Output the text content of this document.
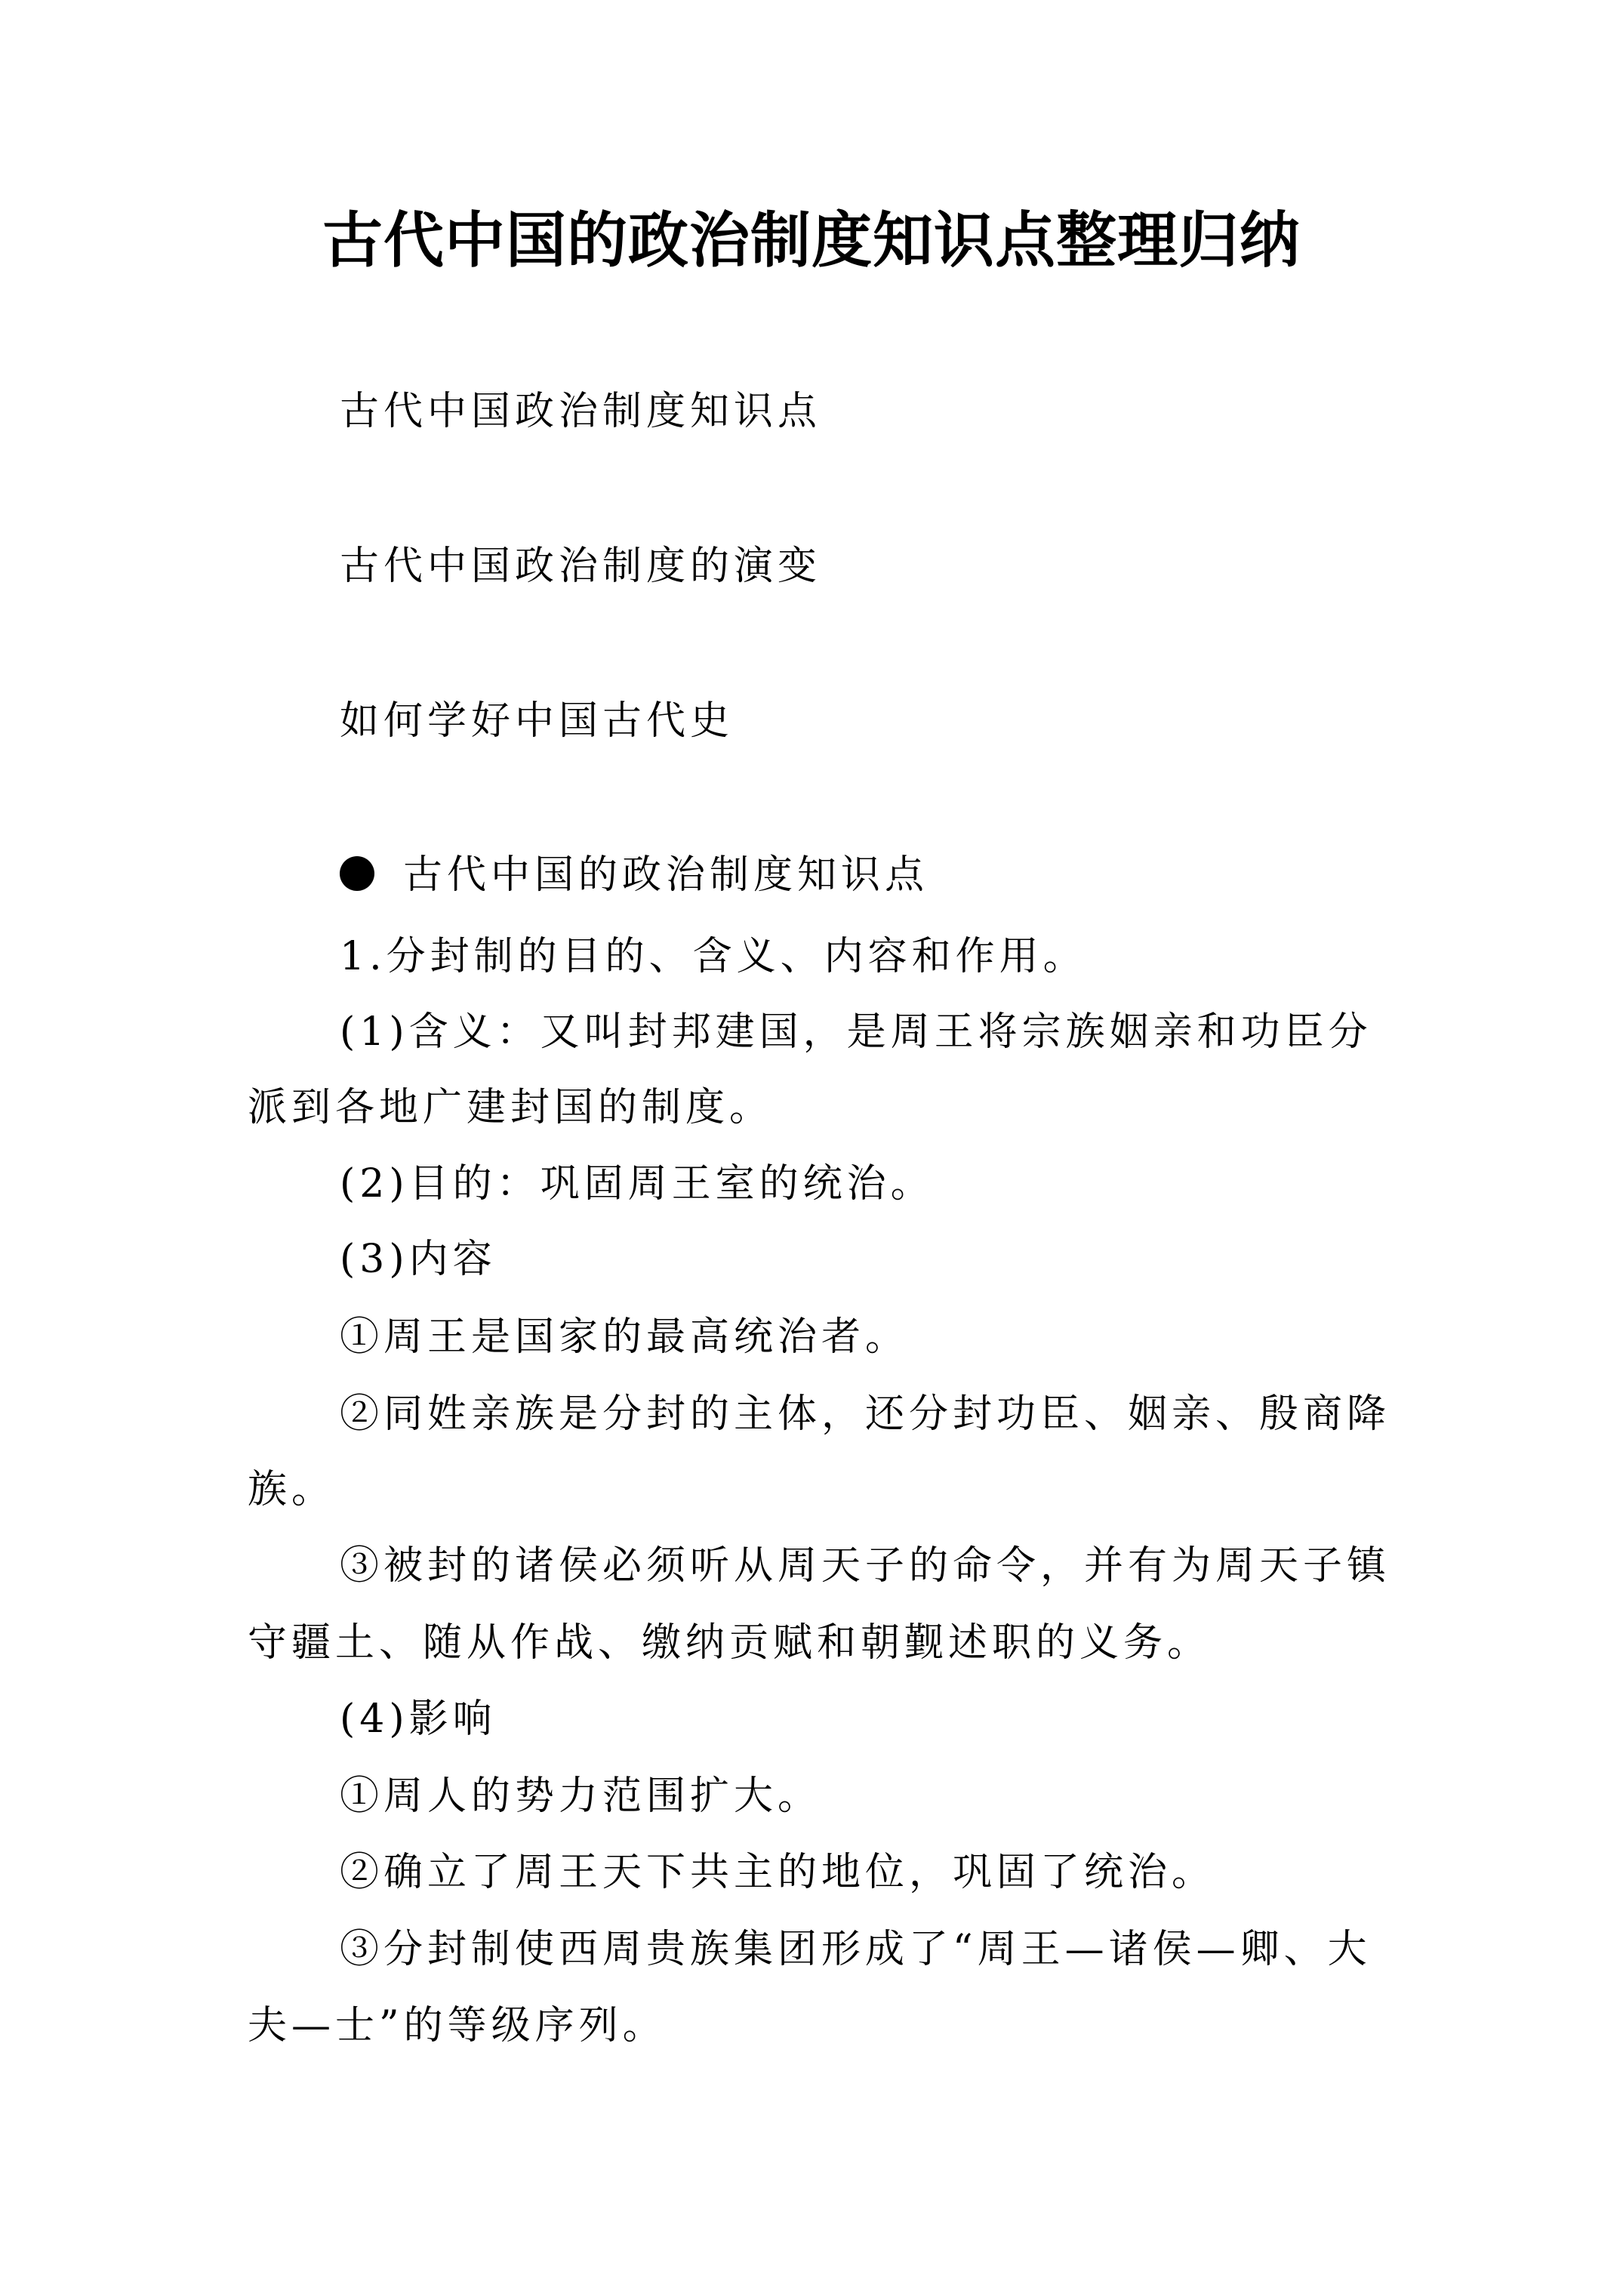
古代中国的政治制度知识点整理归纳
古代中国政治制度知识点
古代中国政治制度的演变
如何学好中国古代史
古代中国的政治制度知识点
1.分封制的目的、含义、内容和作用。
(1)含义：又叫封邦建国，是周王将宗族姻亲和功臣分
派到各地广建封国的制度。
(2)目的：巩固周王室的统治。
(3)内容
①周王是国家的最高统治者。
②同姓亲族是分封的主体，还分封功臣、姻亲、殷商降
族。
③被封的诸侯必须听从周天子的命令，并有为周天子镇
守疆土、随从作战、缴纳贡赋和朝觐述职的义务。
(4)影响
①周人的势力范围扩大。
②确立了周王天下共主的地位，巩固了统治。
③分封制使西周贵族集团形成了“周王—诸侯—卿、大
夫—士”的等级序列。
